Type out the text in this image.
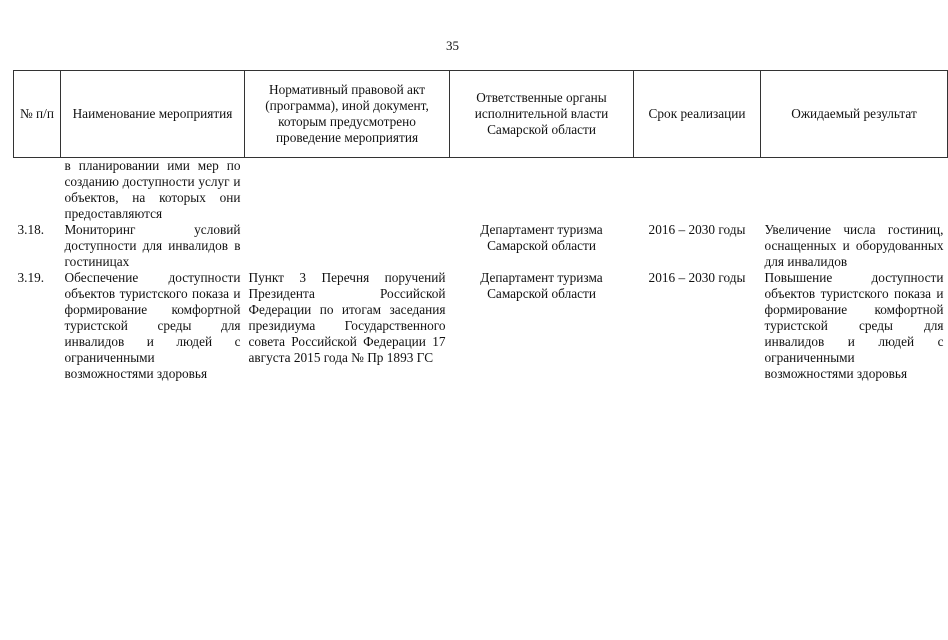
35
№ п/п	Наименование мероприятия	Нормативный правовой акт (программа), иной документ, которым предусмотрено проведение мероприятия	Ответственные органы исполнительной власти Самарской области	Срок реализации	Ожидаемый результат
	в планировании ими мер по созданию доступности услуг и объектов, на которых они предоставляются				
3.18.	Мониторинг условий доступности для инвалидов в гостиницах		Департамент туризма Самарской области	2016 – 2030 годы	Увеличение числа гостиниц, оснащенных и оборудованных для инвалидов
3.19.	Обеспечение доступности объектов туристского показа и формирование комфортной туристской среды для инвалидов и людей с ограниченными возможностями здоровья	Пункт 3 Перечня поручений Президента Российской Федерации по итогам заседания президиума Государственного совета Российской Федерации 17 августа 2015 года № Пр 1893 ГС	Департамент туризма Самарской области	2016 – 2030 годы	Повышение доступности объектов туристского показа и формирование комфортной туристской среды для инвалидов и людей с ограниченными возможностями здоровья
